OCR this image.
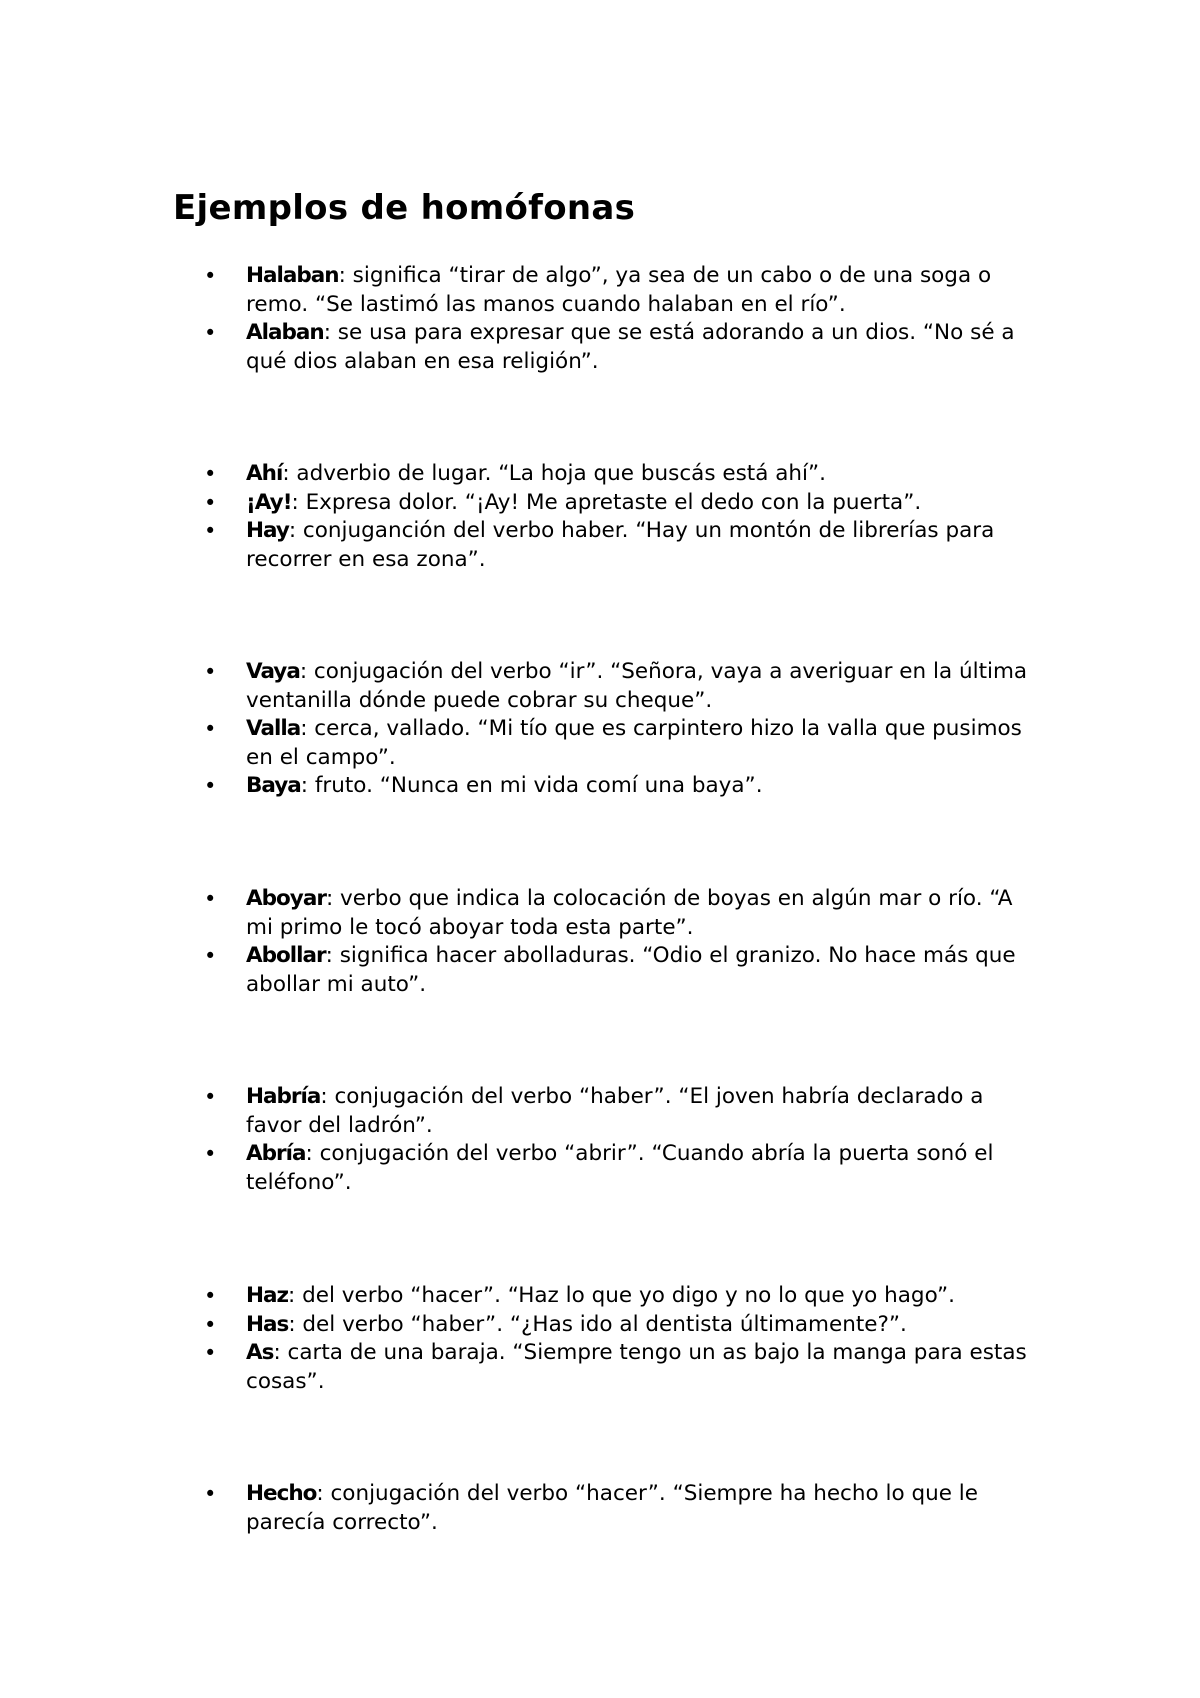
Ejemplos de homófonas
•	Halaban: significa “tirar de algo”, ya sea de un cabo o de una soga o remo. “Se lastimó las manos cuando halaban en el río”.
•	Alaban: se usa para expresar que se está adorando a un dios. “No sé a qué dios alaban en esa religión”.
•	Ahí: adverbio de lugar. “La hoja que buscás está ahí”.
•	¡Ay!: Expresa dolor. “¡Ay! Me apretaste el dedo con la puerta”.
•	Hay: conjuganción del verbo haber. “Hay un montón de librerías para recorrer en esa zona”.
•	Vaya: conjugación del verbo “ir”. “Señora, vaya a averiguar en la última ventanilla dónde puede cobrar su cheque”.
•	Valla: cerca, vallado. “Mi tío que es carpintero hizo la valla que pusimos en el campo”.
•	Baya: fruto. “Nunca en mi vida comí una baya”.
•	Aboyar: verbo que indica la colocación de boyas en algún mar o río. “A mi primo le tocó aboyar toda esta parte”.
•	Abollar: significa hacer abolladuras. “Odio el granizo. No hace más que abollar mi auto”.
•	Habría: conjugación del verbo “haber”. “El joven habría declarado a favor del ladrón”.
•	Abría: conjugación del verbo “abrir”. “Cuando abría la puerta sonó el teléfono”.
•	Haz: del verbo “hacer”. “Haz lo que yo digo y no lo que yo hago”.
•	Has: del verbo “haber”. “¿Has ido al dentista últimamente?”.
•	As: carta de una baraja. “Siempre tengo un as bajo la manga para estas cosas”.
•	Hecho: conjugación del verbo “hacer”. “Siempre ha hecho lo que le parecía correcto”.
